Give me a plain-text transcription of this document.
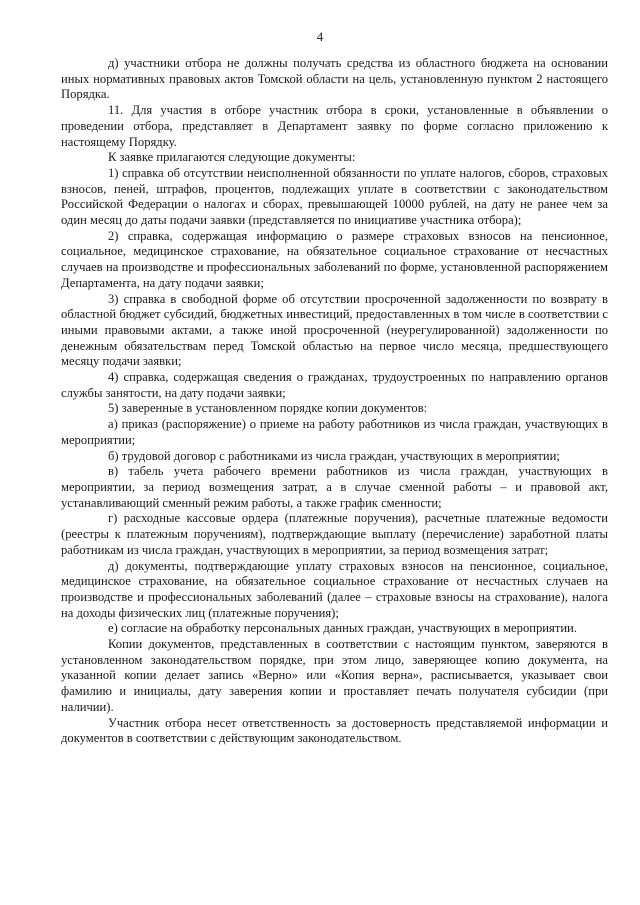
4

д) участники отбора не должны получать средства из областного бюджета на основании иных нормативных правовых актов Томской области на цель, установленную пунктом 2 настоящего Порядка.

11. Для участия в отборе участник отбора в сроки, установленные в объявлении о проведении отбора, представляет в Департамент заявку по форме согласно приложению к настоящему Порядку.

К заявке прилагаются следующие документы:

1) справка об отсутствии неисполненной обязанности по уплате налогов, сборов, страховых взносов, пеней, штрафов, процентов, подлежащих уплате в соответствии с законодательством Российской Федерации о налогах и сборах, превышающей 10000 рублей, на дату не ранее чем за один месяц до даты подачи заявки (представляется по инициативе участника отбора);

2) справка, содержащая информацию о размере страховых взносов на пенсионное, социальное, медицинское страхование, на обязательное социальное страхование от несчастных случаев на производстве и профессиональных заболеваний по форме, установленной распоряжением Департамента, на дату подачи заявки;

3) справка в свободной форме об отсутствии просроченной задолженности по возврату в областной бюджет субсидий, бюджетных инвестиций, предоставленных в том числе в соответствии с иными правовыми актами, а также иной просроченной (неурегулированной) задолженности по денежным обязательствам перед Томской областью на первое число месяца, предшествующего месяцу подачи заявки;

4) справка, содержащая сведения о гражданах, трудоустроенных по направлению органов службы занятости, на дату подачи заявки;

5) заверенные в установленном порядке копии документов:

а) приказ (распоряжение) о приеме на работу работников из числа граждан, участвующих в мероприятии;

б) трудовой договор с работниками из числа граждан, участвующих в мероприятии;

в) табель учета рабочего времени работников из числа граждан, участвующих в мероприятии, за период возмещения затрат, а в случае сменной работы – и правовой акт, устанавливающий сменный режим работы, а также график сменности;

г) расходные кассовые ордера (платежные поручения), расчетные платежные ведомости (реестры к платежным поручениям), подтверждающие выплату (перечисление) заработной платы работникам из числа граждан, участвующих в мероприятии, за период возмещения затрат;

д) документы, подтверждающие уплату страховых взносов на пенсионное, социальное, медицинское страхование, на обязательное социальное страхование от несчастных случаев на производстве и профессиональных заболеваний (далее – страховые взносы на страхование), налога на доходы физических лиц (платежные поручения);

е) согласие на обработку персональных данных граждан, участвующих в мероприятии.

Копии документов, представленных в соответствии с настоящим пунктом, заверяются в установленном законодательством порядке, при этом лицо, заверяющее копию документа, на указанной копии делает запись «Верно» или «Копия верна», расписывается, указывает свои фамилию и инициалы, дату заверения копии и проставляет печать получателя субсидии (при наличии).

Участник отбора несет ответственность за достоверность представляемой информации и документов в соответствии с действующим законодательством.
